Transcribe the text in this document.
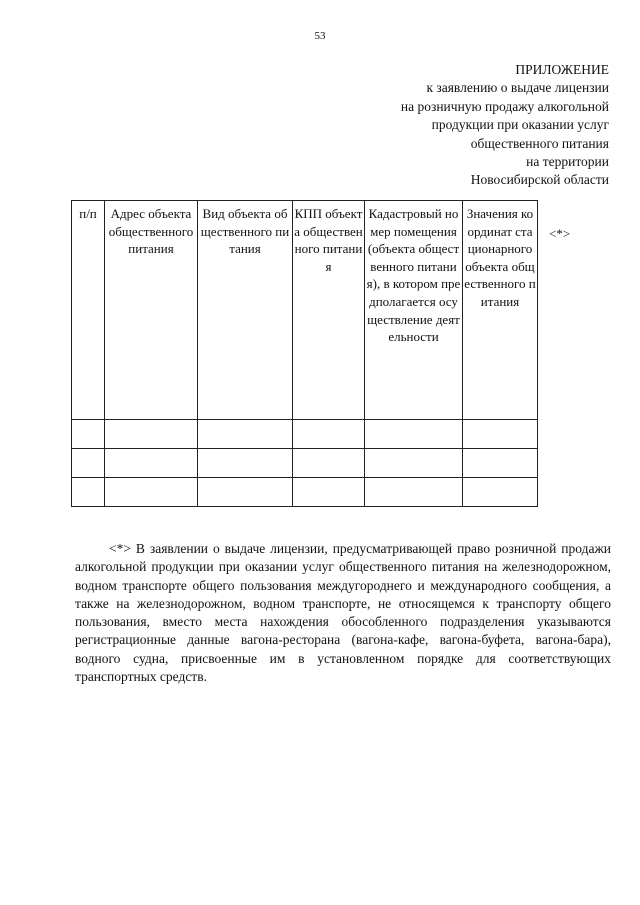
53
ПРИЛОЖЕНИЕ
к заявлению о выдаче лицензии
на розничную продажу алкогольной
продукции при оказании услуг
общественного питания
на территории
Новосибирской области
п/п	Адрес объекта общественного питания	Вид объекта общественного питания	КПП объекта общественного питания	Кадастровый номер помещения (объекта общественного питания), в котором предполагается осуществление деятельности	Значения координат стационарного объекта общественного питания

<*>

<*> В заявлении о выдаче лицензии, предусматривающей право розничной продажи алкогольной продукции при оказании услуг общественного питания на железнодорожном, водном транспорте общего пользования междугороднего и международного сообщения, а также на железнодорожном, водном транспорте, не относящемся к транспорту общего пользования, вместо места нахождения обособленного подразделения указываются регистрационные данные вагона-ресторана (вагона-кафе, вагона-буфета, вагона-бара), водного судна, присвоенные им в установленном порядке для соответствующих транспортных средств.
